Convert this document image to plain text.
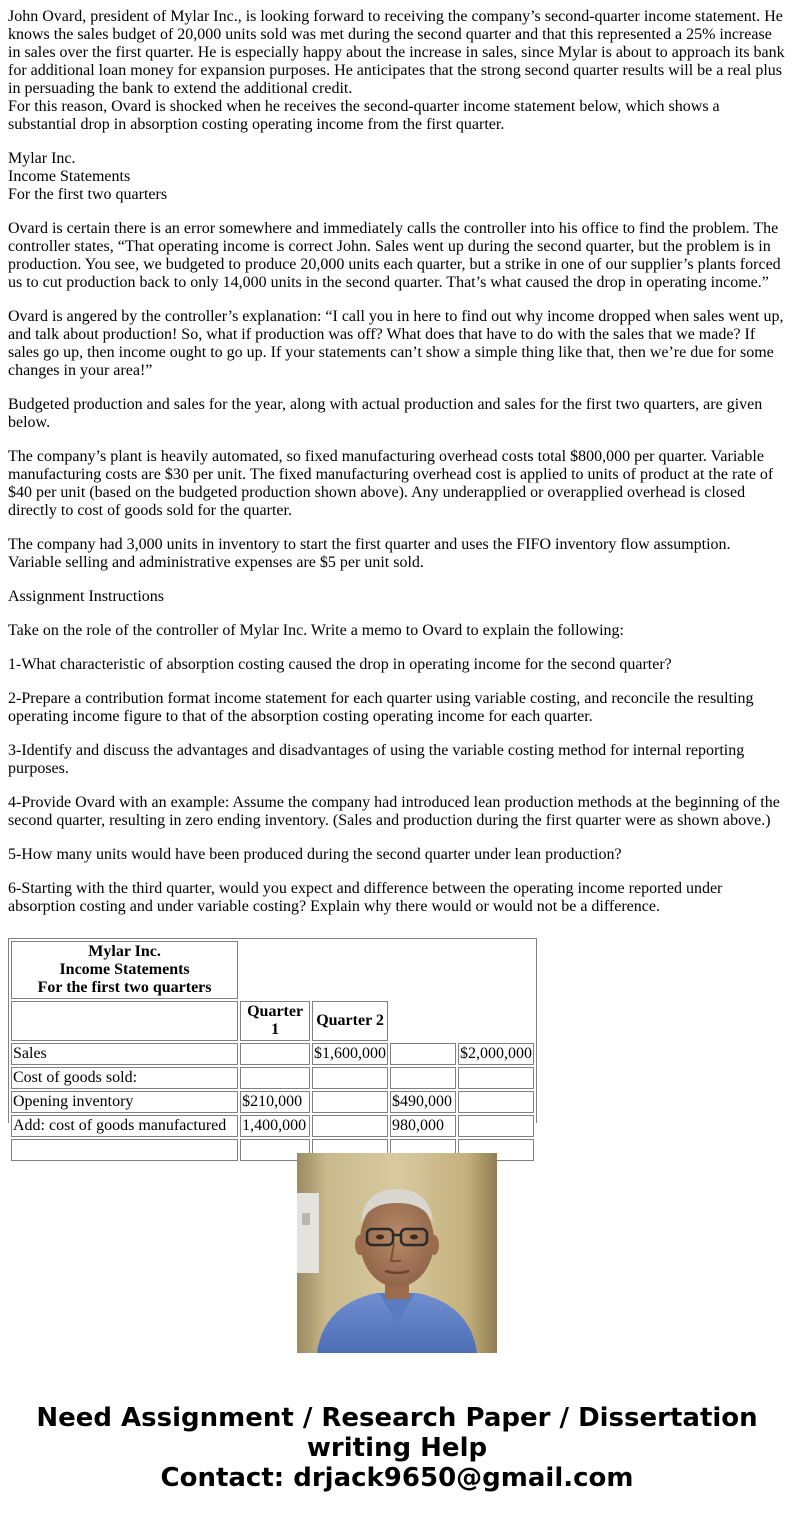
John Ovard, president of Mylar Inc., is looking forward to receiving the company’s second-quarter income statement. He knows the sales budget of 20,000 units sold was met during the second quarter and that this represented a 25% increase in sales over the first quarter. He is especially happy about the increase in sales, since Mylar is about to approach its bank for additional loan money for expansion purposes. He anticipates that the strong second quarter results will be a real plus in persuading the bank to extend the additional credit.

For this reason, Ovard is shocked when he receives the second-quarter income statement below, which shows a substantial drop in absorption costing operating income from the first quarter.

Mylar Inc.
Income Statements
For the first two quarters

Ovard is certain there is an error somewhere and immediately calls the controller into his office to find the problem. The controller states, “That operating income is correct John. Sales went up during the second quarter, but the problem is in production. You see, we budgeted to produce 20,000 units each quarter, but a strike in one of our supplier’s plants forced us to cut production back to only 14,000 units in the second quarter. That’s what caused the drop in operating income.”

Ovard is angered by the controller’s explanation: “I call you in here to find out why income dropped when sales went up, and talk about production! So, what if production was off? What does that have to do with the sales that we made? If sales go up, then income ought to go up. If your statements can’t show a simple thing like that, then we’re due for some changes in your area!”

Budgeted production and sales for the year, along with actual production and sales for the first two quarters, are given below.

The company’s plant is heavily automated, so fixed manufacturing overhead costs total $800,000 per quarter. Variable manufacturing costs are $30 per unit. The fixed manufacturing overhead cost is applied to units of product at the rate of $40 per unit (based on the budgeted production shown above). Any underapplied or overapplied overhead is closed directly to cost of goods sold for the quarter.

The company had 3,000 units in inventory to start the first quarter and uses the FIFO inventory flow assumption. Variable selling and administrative expenses are $5 per unit sold.

Assignment Instructions

Take on the role of the controller of Mylar Inc. Write a memo to Ovard to explain the following:

1-What characteristic of absorption costing caused the drop in operating income for the second quarter?

2-Prepare a contribution format income statement for each quarter using variable costing, and reconcile the resulting operating income figure to that of the absorption costing operating income for each quarter.

3-Identify and discuss the advantages and disadvantages of using the variable costing method for internal reporting purposes.

4-Provide Ovard with an example: Assume the company had introduced lean production methods at the beginning of the second quarter, resulting in zero ending inventory. (Sales and production during the first quarter were as shown above.)

5-How many units would have been produced during the second quarter under lean production?

6-Starting with the third quarter, would you expect and difference between the operating income reported under absorption costing and under variable costing? Explain why there would or would not be a difference.

Mylar Inc.
Income Statements
For the first two quarters				

	Quarter 1	Quarter 2		
Sales		$1,600,000		$2,000,000
Cost of goods sold:				
Opening inventory	$210,000		$490,000	
Add: cost of goods manufactured	1,400,000		980,000	

Need Assignment / Research Paper / Dissertation
writing Help
Contact: drjack9650@gmail.com
